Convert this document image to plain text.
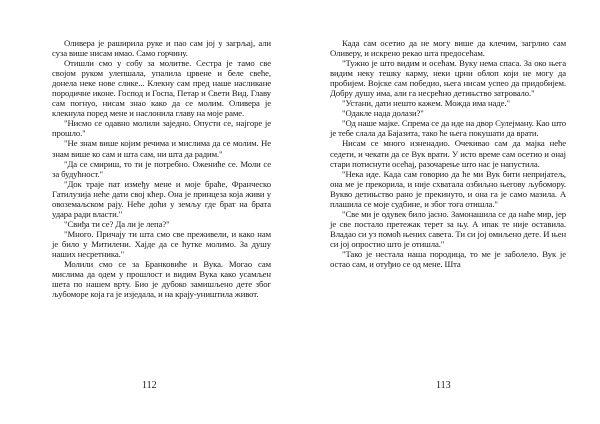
Оливера је раширила руке и пао сам јој у загрљај, али суза више нисам имао. Само горчину.

Отишли смо у собу за молитве. Сестра је тамо све својом руком улепшала, упалила црвене и беле свеће, донела неке нове слике... Клекну сам пред наше насликане породичне иконе. Господ и Госпа, Петар и Свети Вид. Главу сам погнуо, нисам знао како да се молим. Оливера је клекнула поред мене и наслонила главу на моје раме.

"Нисмо се одавно молили заједно. Опусти се, најгоре је прошло."

"Не знам више којим речима и мислима да се молим. Не знам више ко сам и шта сам, ни шта да радим."

"Да се смириш, то ти је потребно. Ожениће се. Моли се за будућност."

"Док траје пат између мене и моје браће, Франческо Гатилузија неће дати свој кћер. Она је принцеза која живи у овоземаљском рају. Неће доћи у земљу где брат на брата удара ради власти."

"Свиђа ти се? Да ли је лепа?"

"Много. Причају ти шта смо све преживели, и како нам је било у Митилени. Хајде да се ћутке молимо. За душу наших несретника."

Молили смо се за Бранковиће и Вука. Могао сам мислима да одем у прошлост и видим Вука како усамљен шета по нашем врту. Био је дубоко замишљено дете због љубоморе која га је изједала, и на крају-уништила живот.

112

Када сам осетио да не могу више да клечим, загрлио сам Оливеру, и искрено рекао шта предосећам.

"Тужно је што видим и осећам. Вуку нема спаса. За око њега видим неку тешку карму, неки црни облоп који не могу да пробијем. Војске сам победио, њега нисам успео да придобијем. Добру душу има, али га несрећно детињство затровало."

"Устани, дати нешто кажем. Можда има наде."

"Одакле нада долази?"

"Од наше мајке. Спрема се да иде на двор Сулејману. Као што је тебе слала да Бајазита, тако ће њега покушати да врати.

Нисам се много изненадио. Очекивао сам да мајка неће седети, и чекати да се Вук врати. У исто време сам осетио и онај стари потиснути осећај, разочарење што нас је напустила.

"Нека иде. Када сам говорио да ће ми Вук бити непријатељ, она ме је прекорила, и није схватала озбиљно његову љубомору. Вукво детињство рано је прекинуто, и она га је само мазила. А плашила се моје судбине, и због тога отишла."

"Све ми је одувек било јасно. Замонашила се да наће мир, јер је све постало претежак терет за њу. А ипак те није оставила. Владао си уз помоћ њених савета. Ти си јој омиљено дете. И њен си јој опростио што је отишла."

"Тако је нестала наша породица, то ме је заболело. Вук је остао сам, и отуђио се од мене. Шта

113
